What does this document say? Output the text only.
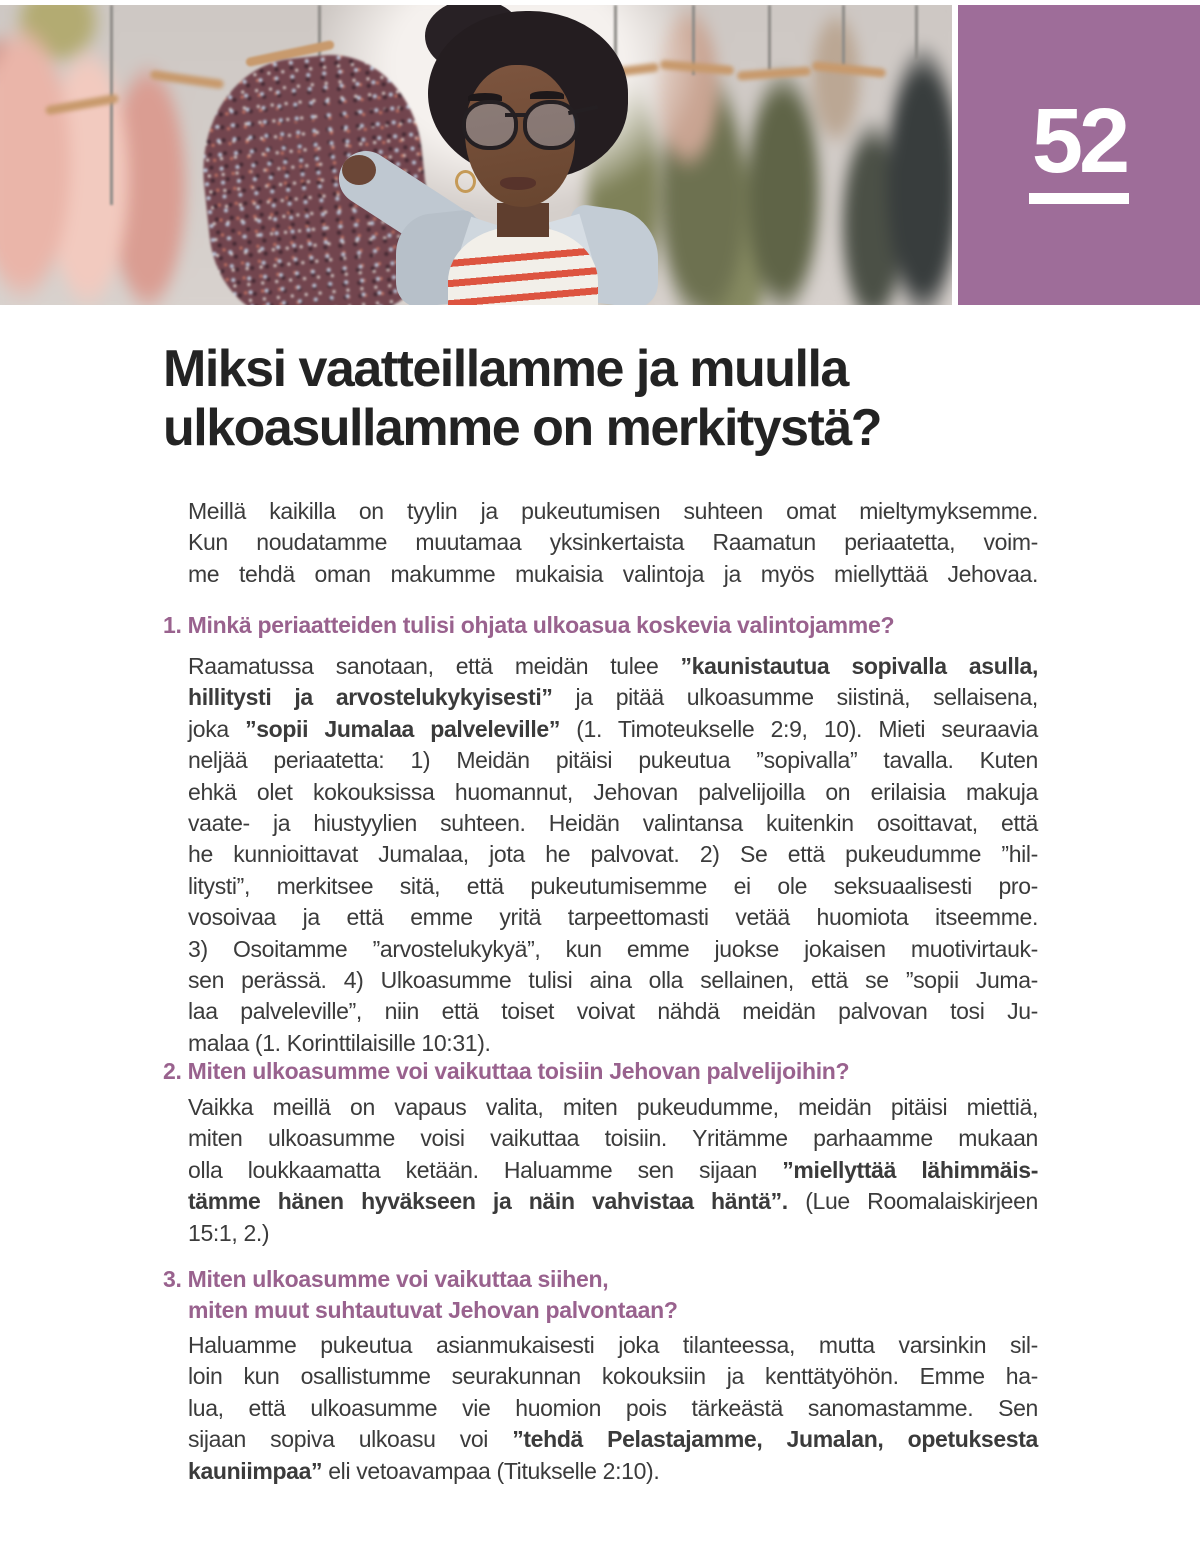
52
Miksi vaatteillamme ja muulla
ulkoasullamme on merkitystä?
Meillä kaikilla on tyylin ja pukeutumisen suhteen omat mieltymyksemme.
Kun noudatamme muutamaa yksinkertaista Raamatun periaatetta, voim-
me tehdä oman makumme mukaisia valintoja ja myös miellyttää Jehovaa.
1. Minkä periaatteiden tulisi ohjata ulkoasua koskevia valintojamme?
Raamatussa sanotaan, että meidän tulee ”kaunistautua sopivalla asulla,
hillitysti ja arvostelukykyisesti” ja pitää ulkoasumme siistinä, sellaisena,
joka ”sopii Jumalaa palveleville” (1. Timoteukselle 2:9, 10). Mieti seuraavia
neljää periaatetta: 1) Meidän pitäisi pukeutua ”sopivalla” tavalla. Kuten
ehkä olet kokouksissa huomannut, Jehovan palvelijoilla on erilaisia makuja
vaate- ja hiustyylien suhteen. Heidän valintansa kuitenkin osoittavat, että
he kunnioittavat Jumalaa, jota he palvovat. 2) Se että pukeudumme ”hil-
litysti”, merkitsee sitä, että pukeutumisemme ei ole seksuaalisesti pro-
vosoivaa ja että emme yritä tarpeettomasti vetää huomiota itseemme.
3) Osoitamme ”arvostelukykyä”, kun emme juokse jokaisen muotivirtauk-
sen perässä. 4) Ulkoasumme tulisi aina olla sellainen, että se ”sopii Juma-
laa palveleville”, niin että toiset voivat nähdä meidän palvovan tosi Ju-
malaa (1. Korinttilaisille 10:31).
2. Miten ulkoasumme voi vaikuttaa toisiin Jehovan palvelijoihin?
Vaikka meillä on vapaus valita, miten pukeudumme, meidän pitäisi miettiä,
miten ulkoasumme voisi vaikuttaa toisiin. Yritämme parhaamme mukaan
olla loukkaamatta ketään. Haluamme sen sijaan ”miellyttää lähimmäis-
tämme hänen hyväkseen ja näin vahvistaa häntä”. (Lue Roomalaiskirjeen
15:1, 2.)
3. Miten ulkoasumme voi vaikuttaa siihen,
miten muut suhtautuvat Jehovan palvontaan?
Haluamme pukeutua asianmukaisesti joka tilanteessa, mutta varsinkin sil-
loin kun osallistumme seurakunnan kokouksiin ja kenttätyöhön. Emme ha-
lua, että ulkoasumme vie huomion pois tärkeästä sanomastamme. Sen
sijaan sopiva ulkoasu voi ”tehdä Pelastajamme, Jumalan, opetuksesta
kauniimpaa” eli vetoavampaa (Titukselle 2:10).
